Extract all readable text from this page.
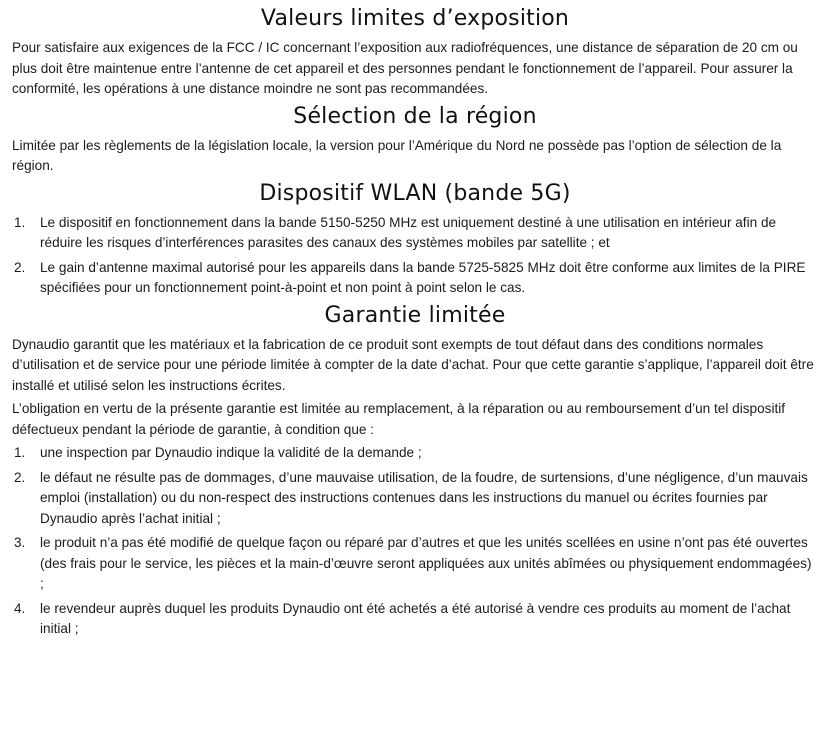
Valeurs limites d’exposition

Pour satisfaire aux exigences de la FCC / IC concernant l’exposition aux radiofréquences, une distance de séparation de 20 cm ou plus doit être maintenue entre l’antenne de cet appareil et des personnes pendant le fonctionnement de l’appareil. Pour assurer la conformité, les opérations à une distance moindre ne sont pas recommandées.

Sélection de la région

Limitée par les règlements de la législation locale, la version pour l’Amérique du Nord ne possède pas l’option de sélection de la région.

Dispositif WLAN (bande 5G)
1. Le dispositif en fonctionnement dans la bande 5150-5250 MHz est uniquement destiné à une utilisation en intérieur afin de réduire les risques d’interférences parasites des canaux des systèmes mobiles par satellite ; et
2. Le gain d’antenne maximal autorisé pour les appareils dans la bande 5725-5825 MHz doit être conforme aux limites de la PIRE spécifiées pour un fonctionnement point-à-point et non point à point selon le cas.
Garantie limitée

Dynaudio garantit que les matériaux et la fabrication de ce produit sont exempts de tout défaut dans des conditions normales d’utilisation et de service pour une période limitée à compter de la date d’achat. Pour que cette garantie s’applique, l’appareil doit être installé et utilisé selon les instructions écrites.

L’obligation en vertu de la présente garantie est limitée au remplacement, à la réparation ou au remboursement d’un tel dispositif défectueux pendant la période de garantie, à condition que :

1. une inspection par Dynaudio indique la validité de la demande ;
2. le défaut ne résulte pas de dommages, d’une mauvaise utilisation, de la foudre, de surtensions, d’une négligence, d’un mauvais emploi (installation) ou du non-respect des instructions contenues dans les instructions du manuel ou écrites fournies par Dynaudio après l’achat initial ;
3. le produit n’a pas été modifié de quelque façon ou réparé par d’autres et que les unités scellées en usine n’ont pas été ouvertes (des frais pour le service, les pièces et la main-d’œuvre seront appliquées aux unités abîmées ou physiquement endommagées) ;
4. le revendeur auprès duquel les produits Dynaudio ont été achetés a été autorisé à vendre ces produits au moment de l’achat initial ;
